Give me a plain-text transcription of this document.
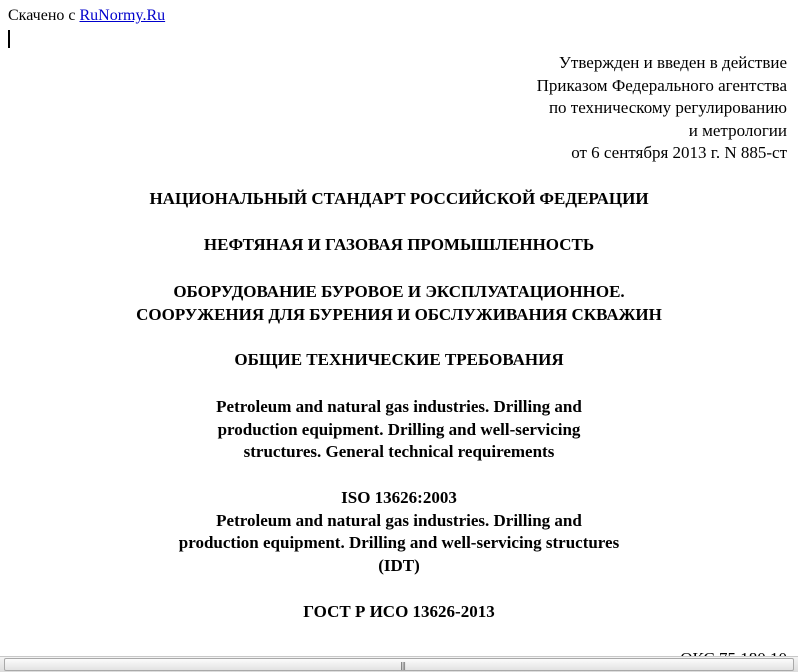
Скачено с RuNormy.Ru
Утвержден и введен в действие
Приказом Федерального агентства
по техническому регулированию
и метрологии
от 6 сентября 2013 г. N 885-ст
НАЦИОНАЛЬНЫЙ СТАНДАРТ РОССИЙСКОЙ ФЕДЕРАЦИИ
НЕФТЯНАЯ И ГАЗОВАЯ ПРОМЫШЛЕННОСТЬ
ОБОРУДОВАНИЕ БУРОВОЕ И ЭКСПЛУАТАЦИОННОЕ.
СООРУЖЕНИЯ ДЛЯ БУРЕНИЯ И ОБСЛУЖИВАНИЯ СКВАЖИН
ОБЩИЕ ТЕХНИЧЕСКИЕ ТРЕБОВАНИЯ
Petroleum and natural gas industries. Drilling and
production equipment. Drilling and well-servicing
structures. General technical requirements
ISO 13626:2003
Petroleum and natural gas industries. Drilling and
production equipment. Drilling and well-servicing structures
(IDT)
ГОСТ Р ИСО 13626-2013
|||
